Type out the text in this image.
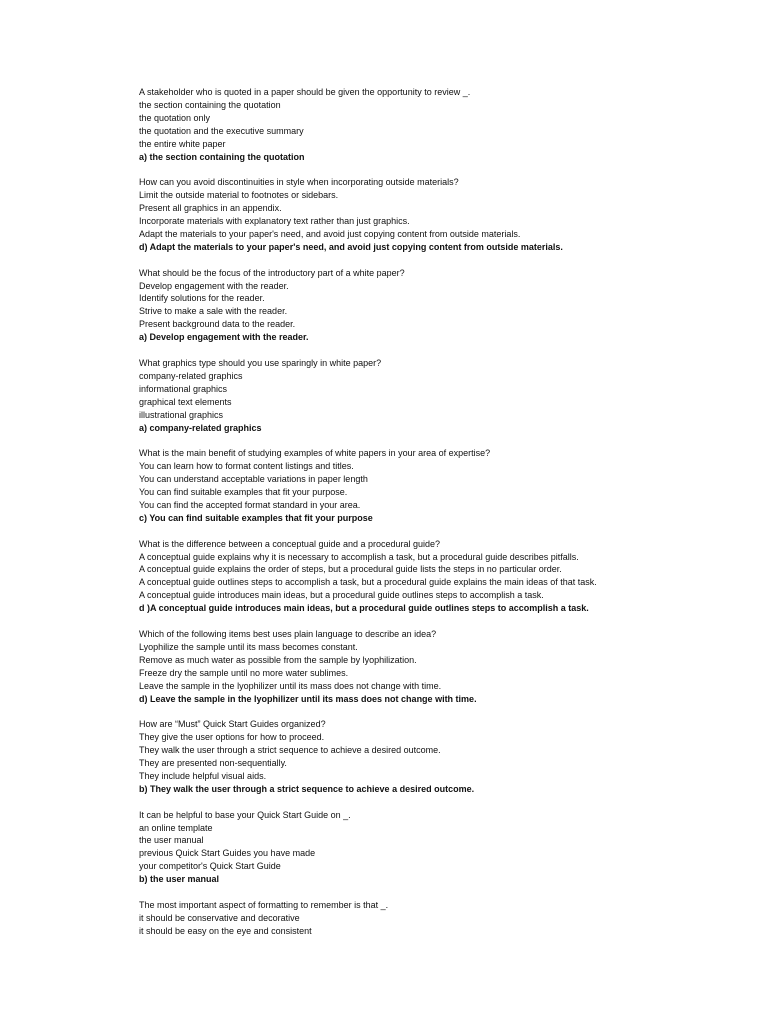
A stakeholder who is quoted in a paper should be given the opportunity to review _.
the section containing the quotation
the quotation only
the quotation and the executive summary
the entire white paper
a) the section containing the quotation
How can you avoid discontinuities in style when incorporating outside materials?
Limit the outside material to footnotes or sidebars.
Present all graphics in an appendix.
Incorporate materials with explanatory text rather than just graphics.
Adapt the materials to your paper's need, and avoid just copying content from outside materials.
d) Adapt the materials to your paper's need, and avoid just copying content from outside materials.
What should be the focus of the introductory part of a white paper?
Develop engagement with the reader.
Identify solutions for the reader.
Strive to make a sale with the reader.
Present background data to the reader.
a) Develop engagement with the reader.
What graphics type should you use sparingly in white paper?
company-related graphics
informational graphics
graphical text elements
illustrational graphics
a) company-related graphics
What is the main benefit of studying examples of white papers in your area of expertise?
You can learn how to format content listings and titles.
You can understand acceptable variations in paper length
You can find suitable examples that fit your purpose.
You can find the accepted format standard in your area.
c) You can find suitable examples that fit your purpose
What is the difference between a conceptual guide and a procedural guide?
A conceptual guide explains why it is necessary to accomplish a task, but a procedural guide describes pitfalls.
A conceptual guide explains the order of steps, but a procedural guide lists the steps in no particular order.
A conceptual guide outlines steps to accomplish a task, but a procedural guide explains the main ideas of that task.
A conceptual guide introduces main ideas, but a procedural guide outlines steps to accomplish a task.
d )A conceptual guide introduces main ideas, but a procedural guide outlines steps to accomplish a task.
Which of the following items best uses plain language to describe an idea?
Lyophilize the sample until its mass becomes constant.
Remove as much water as possible from the sample by lyophilization.
Freeze dry the sample until no more water sublimes.
Leave the sample in the lyophilizer until its mass does not change with time.
d) Leave the sample in the lyophilizer until its mass does not change with time.
How are “Must” Quick Start Guides organized?
They give the user options for how to proceed.
They walk the user through a strict sequence to achieve a desired outcome.
They are presented non-sequentially.
They include helpful visual aids.
b) They walk the user through a strict sequence to achieve a desired outcome.
It can be helpful to base your Quick Start Guide on _.
an online template
the user manual
previous Quick Start Guides you have made
your competitor's Quick Start Guide
b) the user manual
The most important aspect of formatting to remember is that _.
it should be conservative and decorative
it should be easy on the eye and consistent
